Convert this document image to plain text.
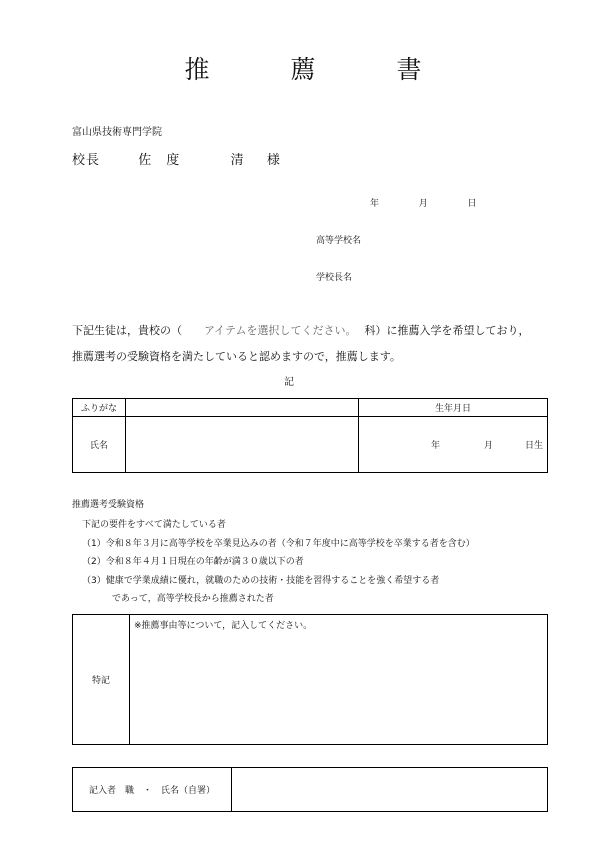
推　薦　書
富山県技術専門学院
校長	佐　度	清 様
年	月	日
高等学校名
学校長名
下記生徒は，貴校の（ アイテムを選択してください。 科）に推薦入学を希望しており，
推薦選考の受験資格を満たしていると認めますので，推薦します。
記
ふりがな		生年月日
氏名		年 月 日生
推薦選考受験資格
下記の要件をすべて満たしている者
（1）令和８年３月に高等学校を卒業見込みの者（令和７年度中に高等学校を卒業する者を含む）
（2）令和８年４月１日現在の年齢が満３０歳以下の者
（3）健康で学業成績に優れ，就職のための技術・技能を習得することを強く希望する者
であって，高等学校長から推薦された者
特記	※推薦事由等について，記入してください。
記入者　職　・　氏名（自署）	
